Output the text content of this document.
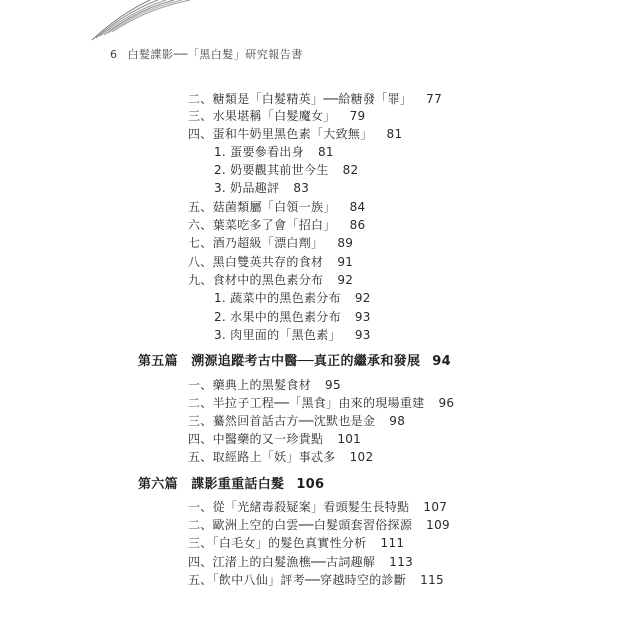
6 白髮諜影──「黑白髮」研究報告書
二、糖類是「白髮精英」──給糖發「罪」 77
三、水果堪稱「白髮魔女」 79
四、蛋和牛奶里黑色素「大致無」 81
1. 蛋要參看出身 81
2. 奶要觀其前世今生 82
3. 奶品趣評 83
五、菇菌類屬「白領一族」 84
六、葉菜吃多了會「招白」 86
七、酒乃超級「漂白劑」 89
八、黑白雙英共存的食材 91
九、食材中的黑色素分布 92
1. 蔬菜中的黑色素分布 92
2. 水果中的黑色素分布 93
3. 肉里面的「黑色素」 93
第五篇　溯源追蹤考古中醫──真正的繼承和發展 94
一、藥典上的黑髮食材 95
二、半拉子工程──「黑食」由來的現場重建 96
三、驀然回首話古方──沈默也是金 98
四、中醫藥的又一珍貴點 101
五、取經路上「妖」事忒多 102
第六篇　諜影重重話白髮 106
一、從「光緒毒殺疑案」看頭髮生長特點 107
二、歐洲上空的白雲──白髮頭套習俗探源 109
三、「白毛女」的髮色真實性分析 111
四、江渚上的白髮漁樵──古詞趣解 113
五、「飲中八仙」評考──穿越時空的診斷 115
